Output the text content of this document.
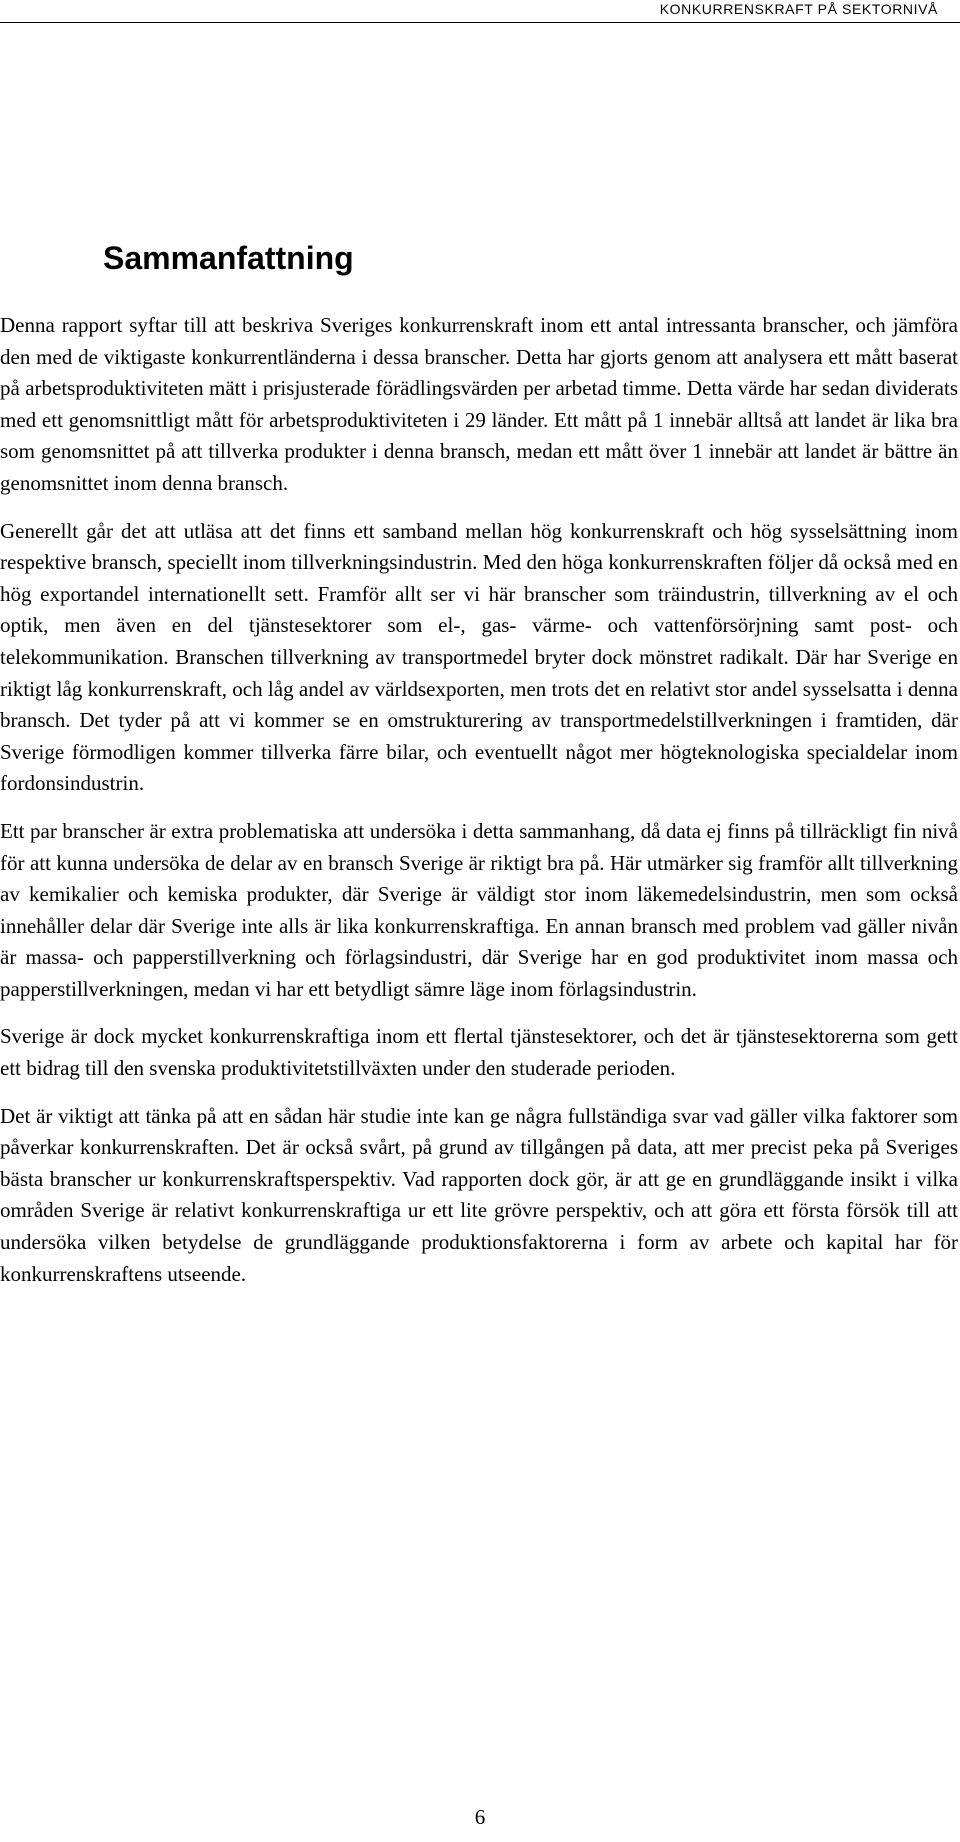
KONKURRENSKRAFT PÅ SEKTORNIVÅ
Sammanfattning

Denna rapport syftar till att beskriva Sveriges konkurrenskraft inom ett antal intressanta branscher, och jämföra den med de viktigaste konkurrentländerna i dessa branscher. Detta har gjorts genom att analysera ett mått baserat på arbetsproduktiviteten mätt i prisjusterade förädlingsvärden per arbetad timme. Detta värde har sedan dividerats med ett genomsnittligt mått för arbetsproduktiviteten i 29 länder. Ett mått på 1 innebär alltså att landet är lika bra som genomsnittet på att tillverka produkter i denna bransch, medan ett mått över 1 innebär att landet är bättre än genomsnittet inom denna bransch.

Generellt går det att utläsa att det finns ett samband mellan hög konkurrenskraft och hög sysselsättning inom respektive bransch, speciellt inom tillverkningsindustrin. Med den höga konkurrenskraften följer då också med en hög exportandel internationellt sett. Framför allt ser vi här branscher som träindustrin, tillverkning av el och optik, men även en del tjänstesektorer som el-, gas- värme- och vattenförsörjning samt post- och telekommunikation. Branschen tillverkning av transportmedel bryter dock mönstret radikalt. Där har Sverige en riktigt låg konkurrenskraft, och låg andel av världsexporten, men trots det en relativt stor andel sysselsatta i denna bransch. Det tyder på att vi kommer se en omstrukturering av transportmedelstillverkningen i framtiden, där Sverige förmodligen kommer tillverka färre bilar, och eventuellt något mer högteknologiska specialdelar inom fordonsindustrin.

Ett par branscher är extra problematiska att undersöka i detta sammanhang, då data ej finns på tillräckligt fin nivå för att kunna undersöka de delar av en bransch Sverige är riktigt bra på. Här utmärker sig framför allt tillverkning av kemikalier och kemiska produkter, där Sverige är väldigt stor inom läkemedelsindustrin, men som också innehåller delar där Sverige inte alls är lika konkurrenskraftiga. En annan bransch med problem vad gäller nivån är massa- och papperstillverkning och förlagsindustri, där Sverige har en god produktivitet inom massa och papperstillverkningen, medan vi har ett betydligt sämre läge inom förlagsindustrin.

Sverige är dock mycket konkurrenskraftiga inom ett flertal tjänstesektorer, och det är tjänstesektorerna som gett ett bidrag till den svenska produktivitetstillväxten under den studerade perioden.

Det är viktigt att tänka på att en sådan här studie inte kan ge några fullständiga svar vad gäller vilka faktorer som påverkar konkurrenskraften. Det är också svårt, på grund av tillgången på data, att mer precist peka på Sveriges bästa branscher ur konkurrenskraftsperspektiv. Vad rapporten dock gör, är att ge en grundläggande insikt i vilka områden Sverige är relativt konkurrenskraftiga ur ett lite grövre perspektiv, och att göra ett första försök till att undersöka vilken betydelse de grundläggande produktionsfaktorerna i form av arbete och kapital har för konkurrenskraftens utseende.

6
